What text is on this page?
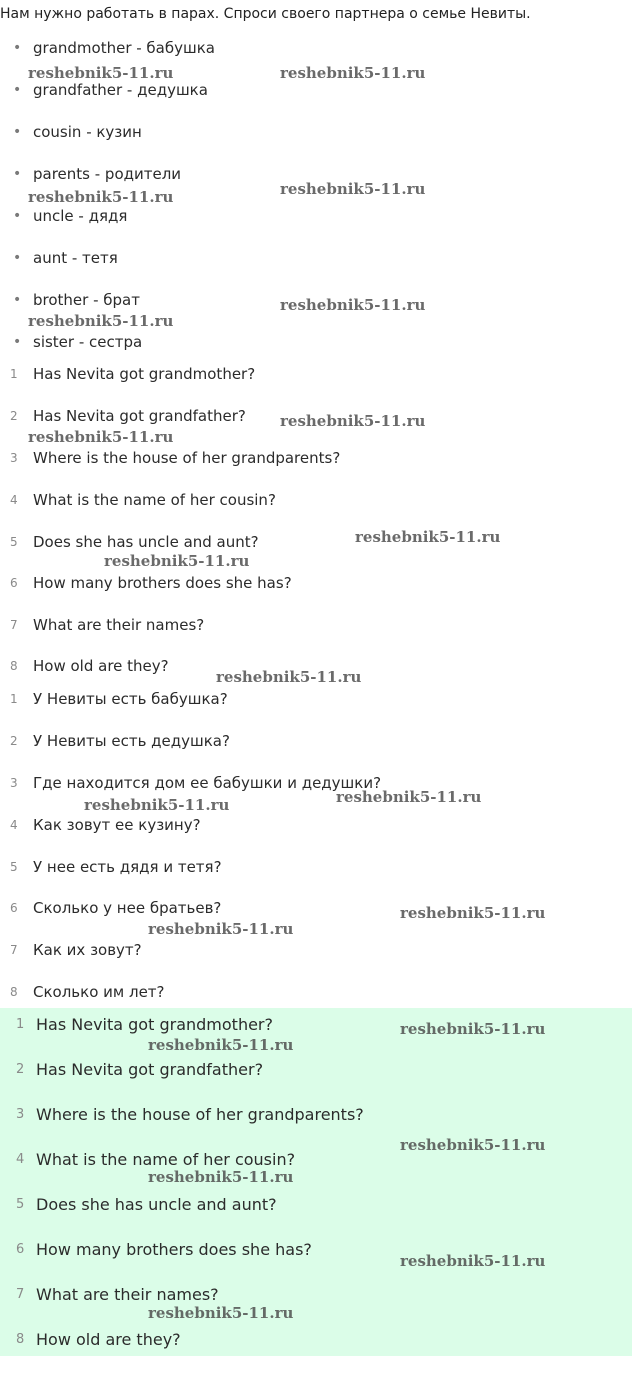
Нам нужно работать в парах. Спроси своего партнера о семье Невиты.
• grandmother - бабушка
• grandfather - дедушка
• cousin - кузин
• parents - родители
• uncle - дядя
• aunt - тетя
• brother - брат
• sister - сестра
1	Has Nevita got grandmother?
2	Has Nevita got grandfather?
3	Where is the house of her grandparents?
4	What is the name of her cousin?
5	Does she has uncle and aunt?
6	How many brothers does she has?
7	What are their names?
8	How old are they?
1	У Невиты есть бабушка?
2	У Невиты есть дедушка?
3	Где находится дом ее бабушки и дедушки?
4	Как зовут ее кузину?
5	У нее есть дядя и тетя?
6	Сколько у нее братьев?
7	Как их зовут?
8	Сколько им лет?
1 Has Nevita got grandmother?
2 Has Nevita got grandfather?
3 Where is the house of her grandparents?
4 What is the name of her cousin?
5 Does she has uncle and aunt?
6 How many brothers does she has?
7 What are their names?
8 How old are they?
reshebnik5-11.ru	reshebnik5-11.ru
reshebnik5-11.ru	reshebnik5-11.ru
reshebnik5-11.ru
reshebnik5-11.ru
reshebnik5-11.ru
reshebnik5-11.ru
reshebnik5-11.ru
reshebnik5-11.ru
reshebnik5-11.ru
reshebnik5-11.ru	reshebnik5-11.ru
reshebnik5-11.ru
reshebnik5-11.ru
reshebnik5-11.ru
reshebnik5-11.ru
reshebnik5-11.ru
reshebnik5-11.ru
reshebnik5-11.ru
reshebnik5-11.ru
